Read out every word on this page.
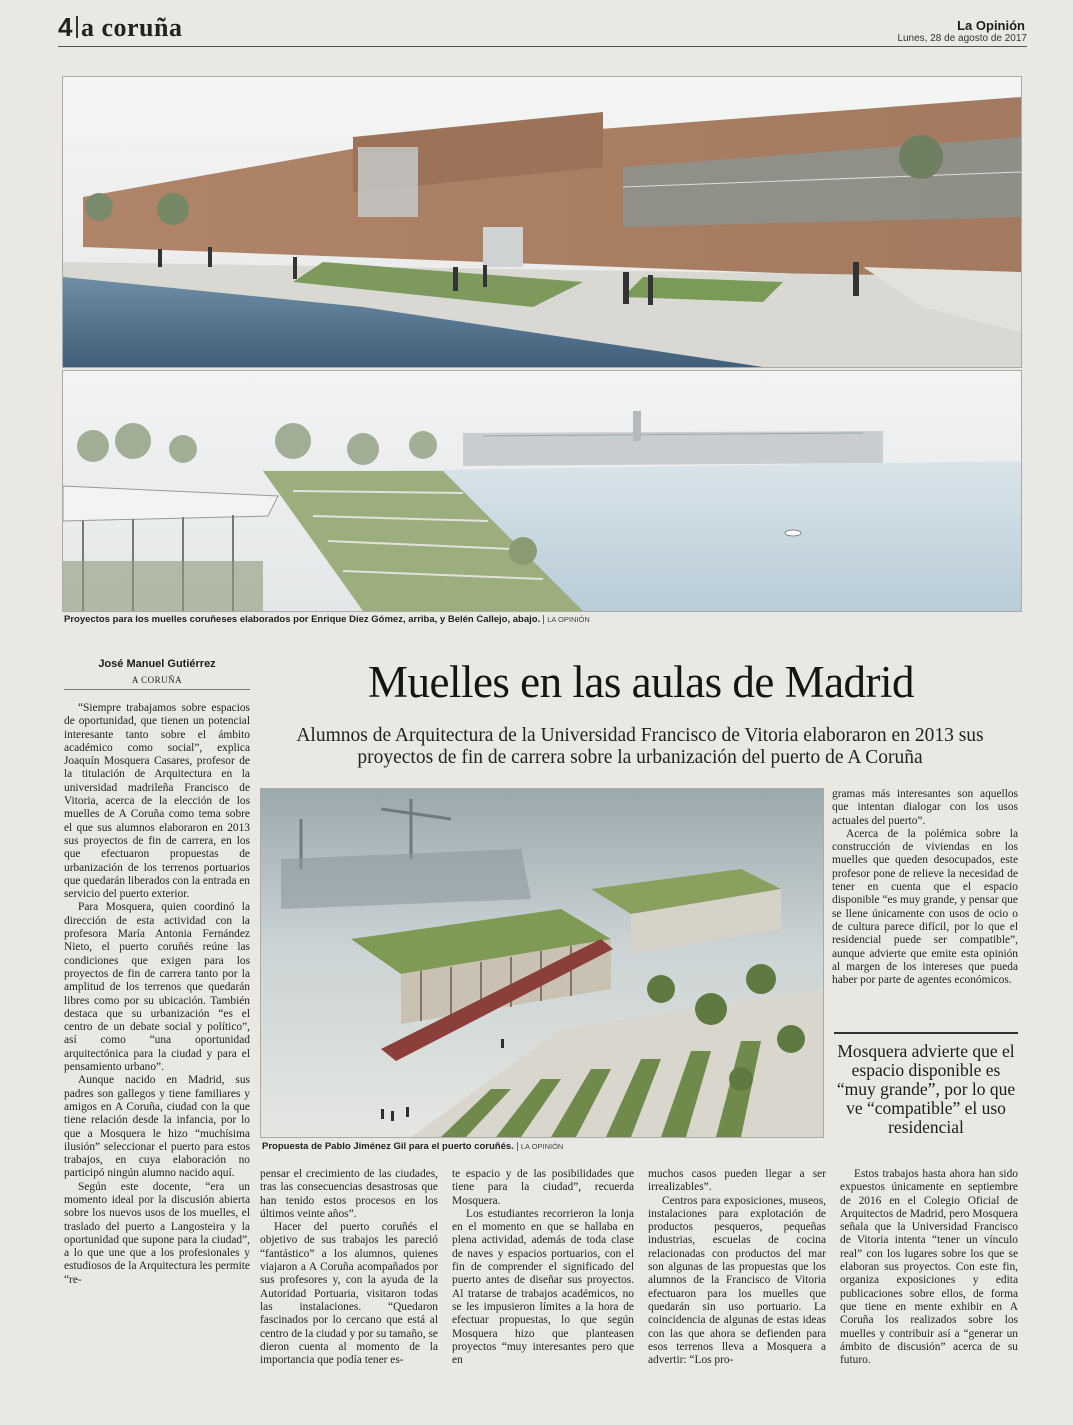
4 a coruña	La Opinión
Lunes, 28 de agosto de 2017
Proyectos para los muelles coruñeses elaborados por Enrique Díez Gómez, arriba, y Belén Callejo, abajo. LA OPINIÓN
José Manuel Gutiérrez
A CORUÑA	Muelles en las aulas de Madrid
Alumnos de Arquitectura de la Universidad Francisco de Vitoria elaboraron en 2013 sus proyectos de fin de carrera sobre la urbanización del puerto de A Coruña

“Siempre trabajamos sobre espacios de oportunidad, que tienen un potencial interesante tanto sobre el ámbito académico como social”, explica Joaquín Mosquera Casares, profesor de la titulación de Arquitectura en la universidad madrileña Francisco de Vitoria, acerca de la elección de los muelles de A Coruña como tema sobre el que sus alumnos elaboraron en 2013 sus proyectos de fin de carrera, en los que efectuaron propuestas de urbanización de los terrenos portuarios que quedarán liberados con la entrada en servicio del puerto exterior.

Para Mosquera, quien coordinó la dirección de esta actividad con la profesora María Antonia Fernández Nieto, el puerto coruñés reúne las condiciones que exigen para los proyectos de fin de carrera tanto por la amplitud de los terrenos que quedarán libres como por su ubicación. También destaca que su urbanización “es el centro de un debate social y político”, así como “una oportunidad arquitectónica para la ciudad y para el pensamiento urbano”.

Aunque nacido en Madrid, sus padres son gallegos y tiene familiares y amigos en A Coruña, ciudad con la que tiene relación desde la infancia, por lo que a Mosquera le hizo “muchísima ilusión” seleccionar el puerto para estos trabajos, en cuya elaboración no participó ningún alumno nacido aquí.

Según este docente, “era un momento ideal por la discusión abierta sobre los nuevos usos de los muelles, el traslado del puerto a Langosteira y la oportunidad que supone para la ciudad”, a lo que une que a los profesionales y estudiosos de la Arquitectura les permite “re-

Propuesta de Pablo Jiménez Gil para el puerto coruñés. LA OPINIÓN

gramas más interesantes son aquellos que intentan dialogar con los usos actuales del puerto”.

Acerca de la polémica sobre la construcción de viviendas en los muelles que queden desocupados, este profesor pone de relieve la necesidad de tener en cuenta que el espacio disponible “es muy grande, y pensar que se llene únicamente con usos de ocio o de cultura parece difícil, por lo que el residencial puede ser compatible”, aunque advierte que emite esta opinión al margen de los intereses que pueda haber por parte de agentes económicos.

Mosquera advierte que el espacio disponible es “muy grande”, por lo que ve “compatible” el uso residencial

pensar el crecimiento de las ciudades, tras las consecuencias desastrosas que han tenido estos procesos en los últimos veinte años”.

Hacer del puerto coruñés el objetivo de sus trabajos les pareció “fantástico” a los alumnos, quienes viajaron a A Coruña acompañados por sus profesores y, con la ayuda de la Autoridad Portuaria, visitaron todas las instalaciones. “Quedaron fascinados por lo cercano que está al centro de la ciudad y por su tamaño, se dieron cuenta al momento de la importancia que podía tener es-

te espacio y de las posibilidades que tiene para la ciudad”, recuerda Mosquera.

Los estudiantes recorrieron la lonja en el momento en que se hallaba en plena actividad, además de toda clase de naves y espacios portuarios, con el fin de comprender el significado del puerto antes de diseñar sus proyectos. Al tratarse de trabajos académicos, no se les impusieron límites a la hora de efectuar propuestas, lo que según Mosquera hizo que planteasen proyectos “muy interesantes pero que en

muchos casos pueden llegar a ser irrealizables”.

Centros para exposiciones, museos, instalaciones para explotación de productos pesqueros, pequeñas industrias, escuelas de cocina relacionadas con productos del mar son algunas de las propuestas que los alumnos de la Francisco de Vitoria efectuaron para los muelles que quedarán sin uso portuario. La coincidencia de algunas de estas ideas con las que ahora se defienden para esos terrenos lleva a Mosquera a advertir: “Los pro-

Estos trabajos hasta ahora han sido expuestos únicamente en septiembre de 2016 en el Colegio Oficial de Arquitectos de Madrid, pero Mosquera señala que la Universidad Francisco de Vitoria intenta “tener un vínculo real” con los lugares sobre los que se elaboran sus proyectos. Con este fin, organiza exposiciones y edita publicaciones sobre ellos, de forma que tiene en mente exhibir en A Coruña los realizados sobre los muelles y contribuir así a “generar un ámbito de discusión” acerca de su futuro.
